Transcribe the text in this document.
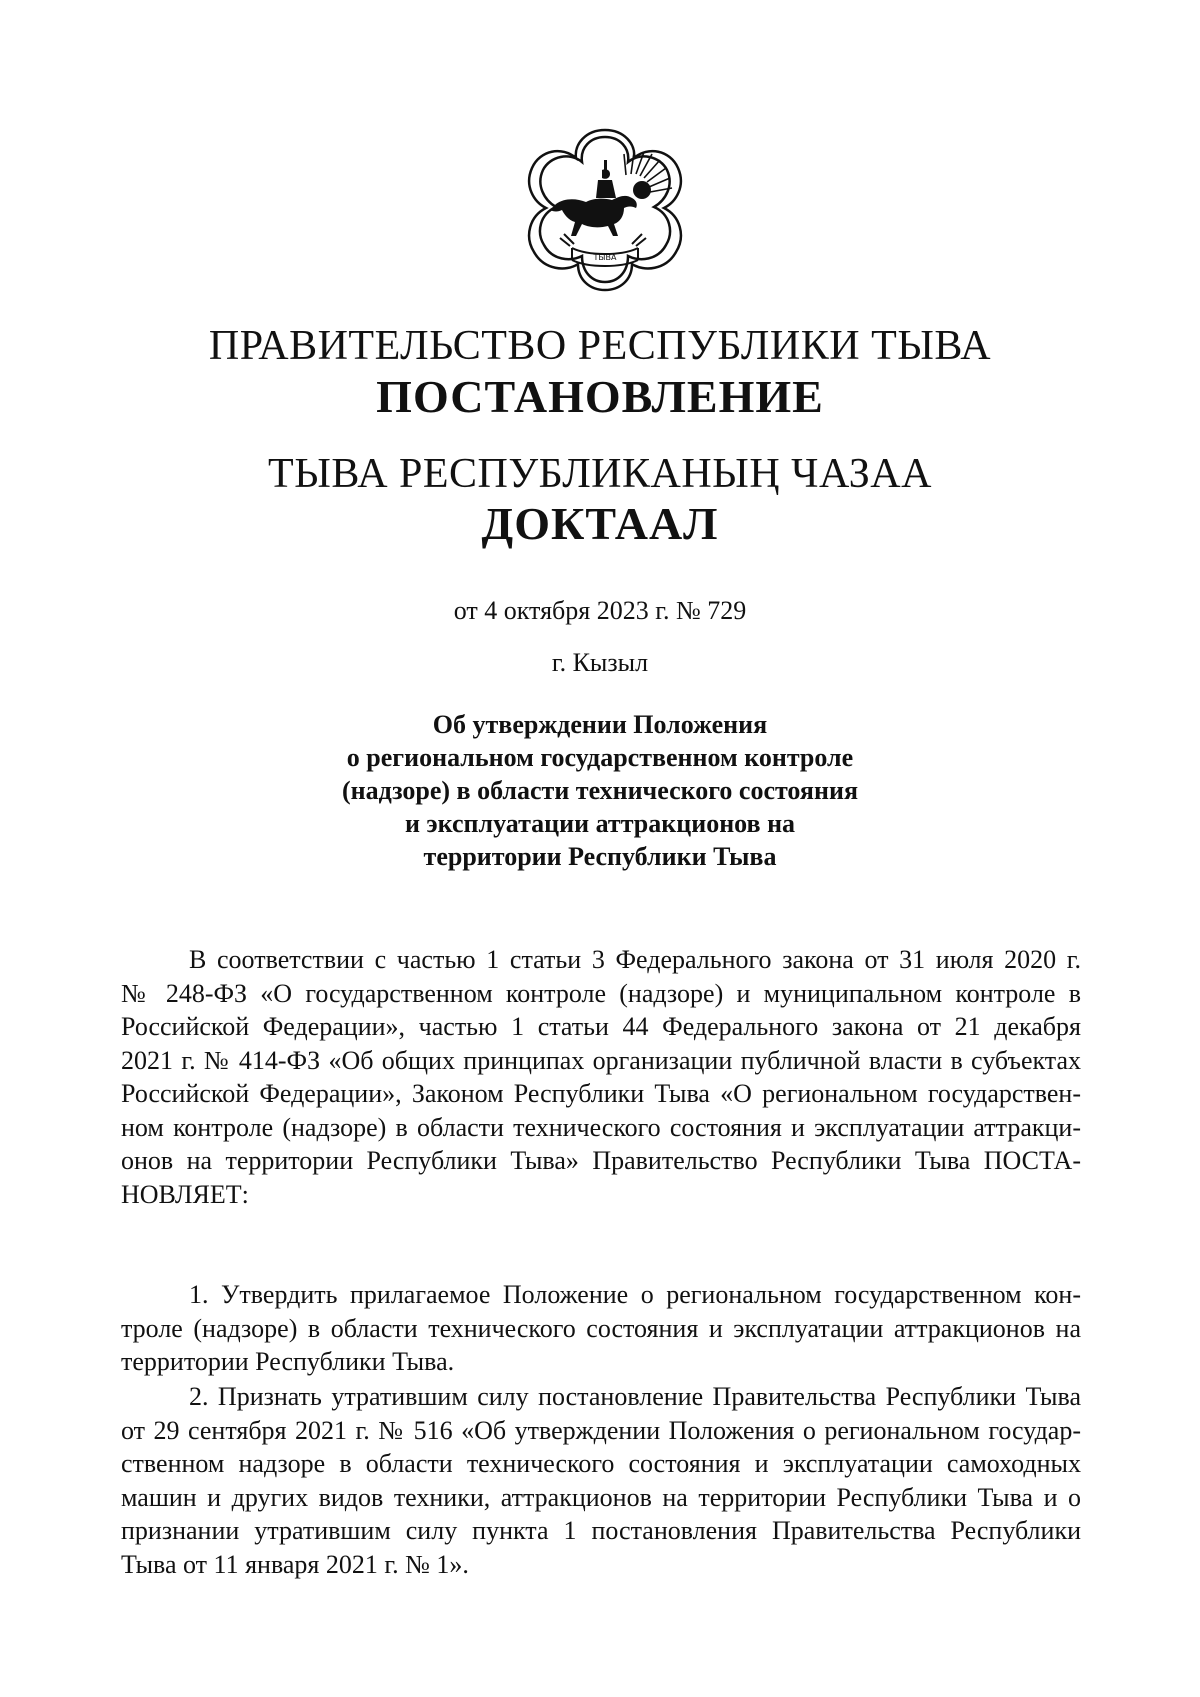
ТЫВА
ПРАВИТЕЛЬСТВО РЕСПУБЛИКИ ТЫВА
ПОСТАНОВЛЕНИЕ
ТЫВА РЕСПУБЛИКАНЫҢ ЧАЗАА
ДОКТААЛ
от 4 октября 2023 г. № 729
г. Кызыл
Об утверждении Положения
о региональном государственном контроле
(надзоре) в области технического состояния
и эксплуатации аттракционов на
территории Республики Тыва
В соответствии с частью 1 статьи 3 Федерального закона от 31 июля 2020 г.
№ 248-ФЗ «О государственном контроле (надзоре) и муниципальном контроле в
Российской Федерации», частью 1 статьи 44 Федерального закона от 21 декабря
2021 г. № 414-ФЗ «Об общих принципах организации публичной власти в субъектах
Российской Федерации», Законом Республики Тыва «О региональном государствен-
ном контроле (надзоре) в области технического состояния и эксплуатации аттракци-
онов на территории Республики Тыва» Правительство Республики Тыва ПОСТА-
НОВЛЯЕТ:
1. Утвердить прилагаемое Положение о региональном государственном кон-
троле (надзоре) в области технического состояния и эксплуатации аттракционов на
территории Республики Тыва.
2. Признать утратившим силу постановление Правительства Республики Тыва
от 29 сентября 2021 г. № 516 «Об утверждении Положения о региональном государ-
ственном надзоре в области технического состояния и эксплуатации самоходных
машин и других видов техники, аттракционов на территории Республики Тыва и о
признании утратившим силу пункта 1 постановления Правительства Республики
Тыва от 11 января 2021 г. № 1».
